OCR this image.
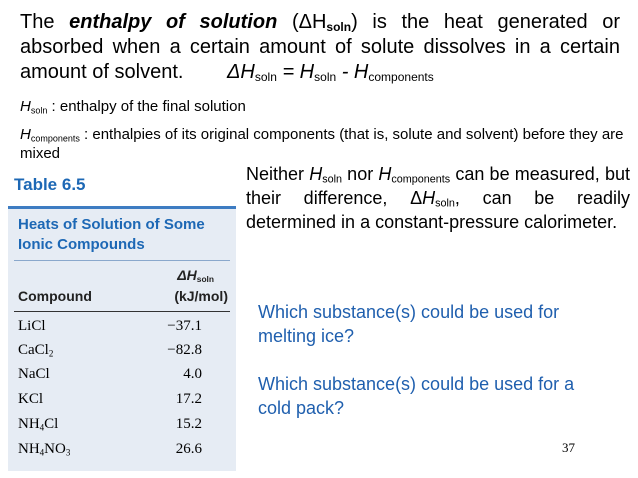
The enthalpy of solution $(\Delta H_{soln})$ is the heat generated or absorbed when a certain amount of solute dissolves in a certain amount of solvent. $\Delta H_{soln} = H_{soln} - H_{components}$
$H_{soln}$ : enthalpy of the final solution
$H_{components}$ : enthalpies of its original components (that is, solute and solvent) before they are mixed
Table 6.5
Heats of Solution of Some Ionic Compounds
$\Delta H_{soln}$
Compound	(kJ/mol)
LiCl	−37.1
CaCl$_2$	−82.8
NaCl	4.0
KCl	17.2
$NH_4Cl$	15.2
$NH_4NO_3$	26.6
Neither $H_{soln}$ nor $H_{components}$ can be measured, but their difference, $\Delta H_{soln}$, can be readily determined in a constant-pressure calorimeter.
Which substance(s) could be used for melting ice?
Which substance(s) could be used for a cold pack?
37
